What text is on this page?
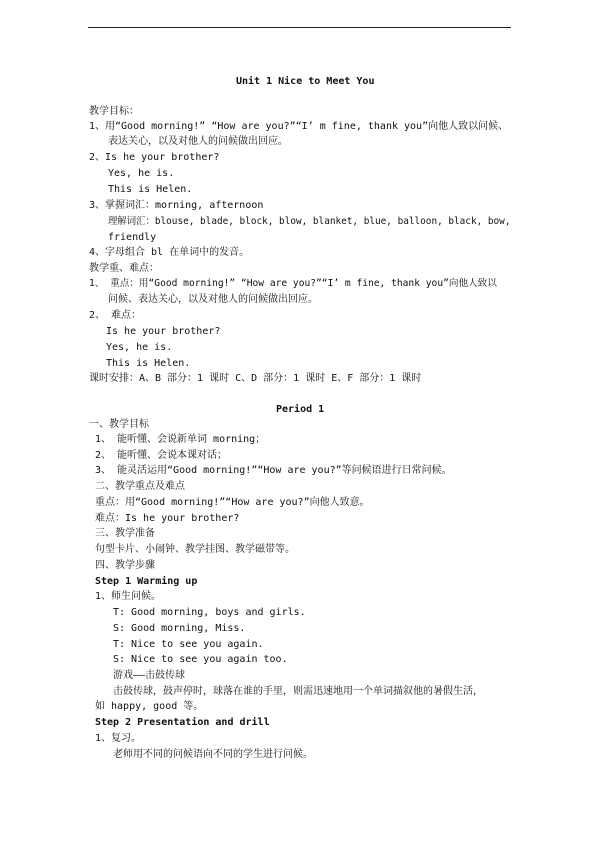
Unit 1 Nice to Meet You
教学目标：
1、用“Good morning!” “How are you?”“I’ m fine, thank you”向他人致以问候、
表达关心，以及对他人的问候做出回应。
2、Is he your brother?
Yes, he is.
This is Helen.
3、掌握词汇：morning, afternoon
理解词汇：blouse, blade, block, blow, blanket, blue, balloon, black, bow,
friendly
4、字母组合 bl 在单词中的发音。
教学重、难点：
1、 重点：用“Good morning!” “How are you?”“I’ m fine, thank you”向他人致以
问候、表达关心，以及对他人的问候做出回应。
2、 难点：
Is he your brother?
Yes, he is.
This is Helen.
课时安排：A、B 部分：1 课时 C、D 部分：1 课时 E、F 部分：1 课时
Period 1
一、教学目标
1、 能听懂、会说新单词 morning；
2、 能听懂、会说本课对话；
3、 能灵活运用“Good morning!”“How are you?”等问候语进行日常问候。
二、教学重点及难点
重点：用“Good morning!”“How are you?”向他人致意。
难点：Is he your brother?
三、教学准备
句型卡片、小闹钟、教学挂图、教学磁带等。
四、教学步骤
Step 1 Warming up
1、师生问候。
T: Good morning, boys and girls.
S: Good morning, Miss.
T: Nice to see you again.
S: Nice to see you again too.
游戏——击鼓传球
击鼓传球，鼓声停时，球落在谁的手里，则需迅速地用一个单词描叙他的暑假生活，
如 happy, good 等。
Step 2 Presentation and drill
1、复习。
老师用不同的问候语向不同的学生进行问候。
